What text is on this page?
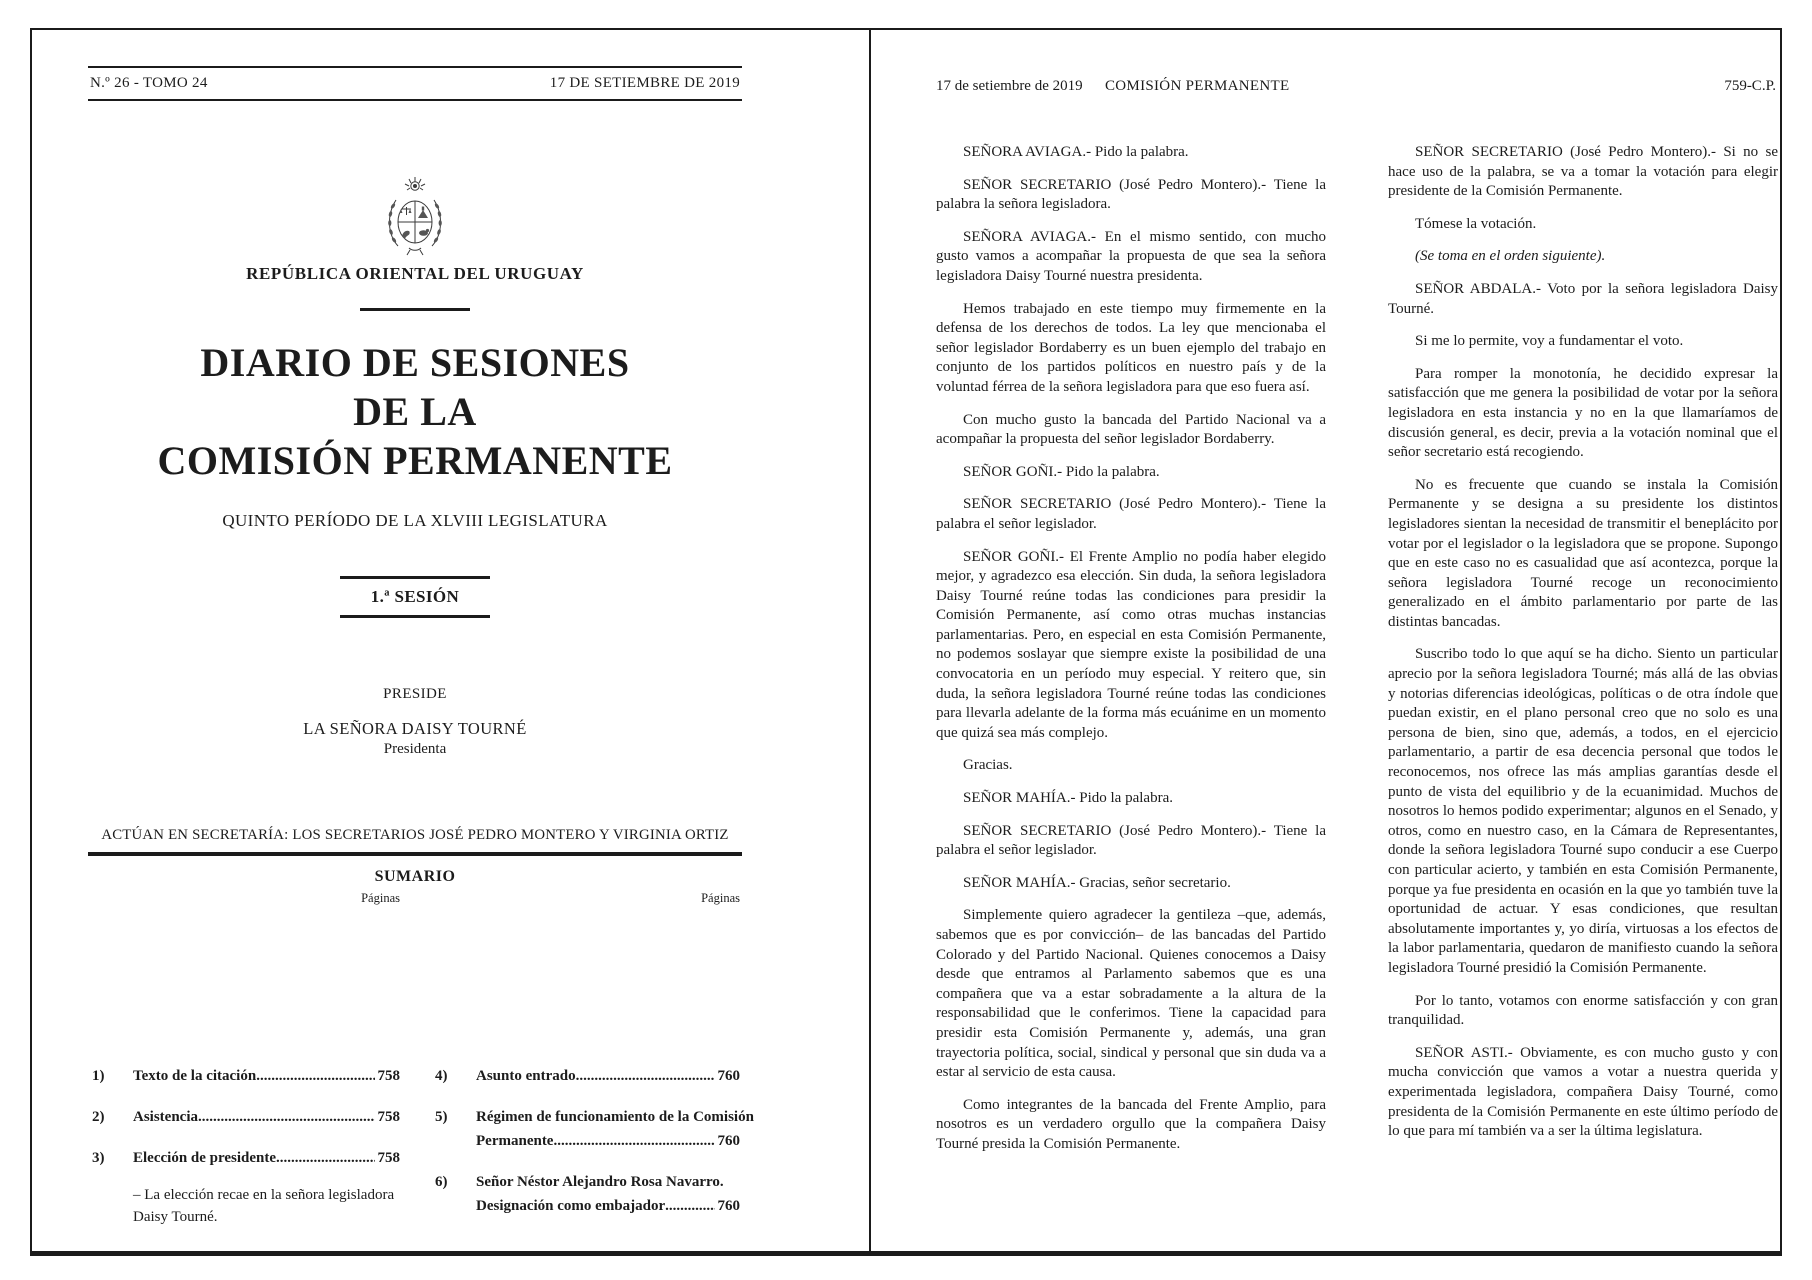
N.º 26 - TOMO 24	17 DE SETIEMBRE DE 2019
REPÚBLICA ORIENTAL DEL URUGUAY
DIARIO DE SESIONES
DE LA
COMISIÓN PERMANENTE
QUINTO PERÍODO DE LA XLVIII LEGISLATURA
1.ª SESIÓN
PRESIDE
LA SEÑORA DAISY TOURNÉ
Presidenta
ACTÚAN EN SECRETARÍA: LOS SECRETARIOS JOSÉ PEDRO MONTERO Y VIRGINIA ORTIZ
SUMARIO
Páginas	Páginas
1)	Texto de la citación .....	758
2)	Asistencia .....	758
3)	Elección de presidente .....	758
– La elección recae en la señora legisladora Daisy Tourné.
4)	Asunto entrado .....	760
5)	Régimen de funcionamiento de la Comisión
Permanente .....	760
6)	Señor Néstor Alejandro Rosa Navarro.
Designación como embajador .....	760
17 de setiembre de 2019 COMISIÓN PERMANENTE	759-C.P.

SEÑORA AVIAGA.- Pido la palabra.

SEÑOR SECRETARIO (José Pedro Montero).- Tiene la palabra la señora legisladora.

SEÑORA AVIAGA.- En el mismo sentido, con mucho gusto vamos a acompañar la propuesta de que sea la señora legisladora Daisy Tourné nuestra presidenta.

Hemos trabajado en este tiempo muy firmemente en la defensa de los derechos de todos. La ley que mencionaba el señor legislador Bordaberry es un buen ejemplo del trabajo en conjunto de los partidos políticos en nuestro país y de la voluntad férrea de la señora legisladora para que eso fuera así.

Con mucho gusto la bancada del Partido Nacional va a acompañar la propuesta del señor legislador Bordaberry.

SEÑOR GOÑI.- Pido la palabra.

SEÑOR SECRETARIO (José Pedro Montero).- Tiene la palabra el señor legislador.

SEÑOR GOÑI.- El Frente Amplio no podía haber elegido mejor, y agradezco esa elección. Sin duda, la señora legisladora Daisy Tourné reúne todas las condiciones para presidir la Comisión Permanente, así como otras muchas instancias parlamentarias. Pero, en especial en esta Comisión Permanente, no podemos soslayar que siempre existe la posibilidad de una convocatoria en un período muy especial. Y reitero que, sin duda, la señora legisladora Tourné reúne todas las condiciones para llevarla adelante de la forma más ecuánime en un momento que quizá sea más complejo.

Gracias.

SEÑOR MAHÍA.- Pido la palabra.

SEÑOR SECRETARIO (José Pedro Montero).- Tiene la palabra el señor legislador.

SEÑOR MAHÍA.- Gracias, señor secretario.

Simplemente quiero agradecer la gentileza –que, además, sabemos que es por convicción– de las bancadas del Partido Colorado y del Partido Nacional. Quienes conocemos a Daisy desde que entramos al Parlamento sabemos que es una compañera que va a estar sobradamente a la altura de la responsabilidad que le conferimos. Tiene la capacidad para presidir esta Comisión Permanente y, además, una gran trayectoria política, social, sindical y personal que sin duda va a estar al servicio de esta causa.

Como integrantes de la bancada del Frente Amplio, para nosotros es un verdadero orgullo que la compañera Daisy Tourné presida la Comisión Permanente.

SEÑOR SECRETARIO (José Pedro Montero).- Si no se hace uso de la palabra, se va a tomar la votación para elegir presidente de la Comisión Permanente.

Tómese la votación.

(Se toma en el orden siguiente).

SEÑOR ABDALA.- Voto por la señora legisladora Daisy Tourné.

Si me lo permite, voy a fundamentar el voto.

Para romper la monotonía, he decidido expresar la satisfacción que me genera la posibilidad de votar por la señora legisladora en esta instancia y no en la que llamaríamos de discusión general, es decir, previa a la votación nominal que el señor secretario está recogiendo.

No es frecuente que cuando se instala la Comisión Permanente y se designa a su presidente los distintos legisladores sientan la necesidad de transmitir el beneplácito por votar por el legislador o la legisladora que se propone. Supongo que en este caso no es casualidad que así acontezca, porque la señora legisladora Tourné recoge un reconocimiento generalizado en el ámbito parlamentario por parte de las distintas bancadas.

Suscribo todo lo que aquí se ha dicho. Siento un particular aprecio por la señora legisladora Tourné; más allá de las obvias y notorias diferencias ideológicas, políticas o de otra índole que puedan existir, en el plano personal creo que no solo es una persona de bien, sino que, además, a todos, en el ejercicio parlamentario, a partir de esa decencia personal que todos le reconocemos, nos ofrece las más amplias garantías desde el punto de vista del equilibrio y de la ecuanimidad. Muchos de nosotros lo hemos podido experimentar; algunos en el Senado, y otros, como en nuestro caso, en la Cámara de Representantes, donde la señora legisladora Tourné supo conducir a ese Cuerpo con particular acierto, y también en esta Comisión Permanente, porque ya fue presidenta en ocasión en la que yo también tuve la oportunidad de actuar. Y esas condiciones, que resultan absolutamente importantes y, yo diría, virtuosas a los efectos de la labor parlamentaria, quedaron de manifiesto cuando la señora legisladora Tourné presidió la Comisión Permanente.

Por lo tanto, votamos con enorme satisfacción y con gran tranquilidad.

SEÑOR ASTI.- Obviamente, es con mucho gusto y con mucha convicción que vamos a votar a nuestra querida y experimentada legisladora, compañera Daisy Tourné, como presidenta de la Comisión Permanente en este último período de lo que para mí también va a ser la última legislatura.
